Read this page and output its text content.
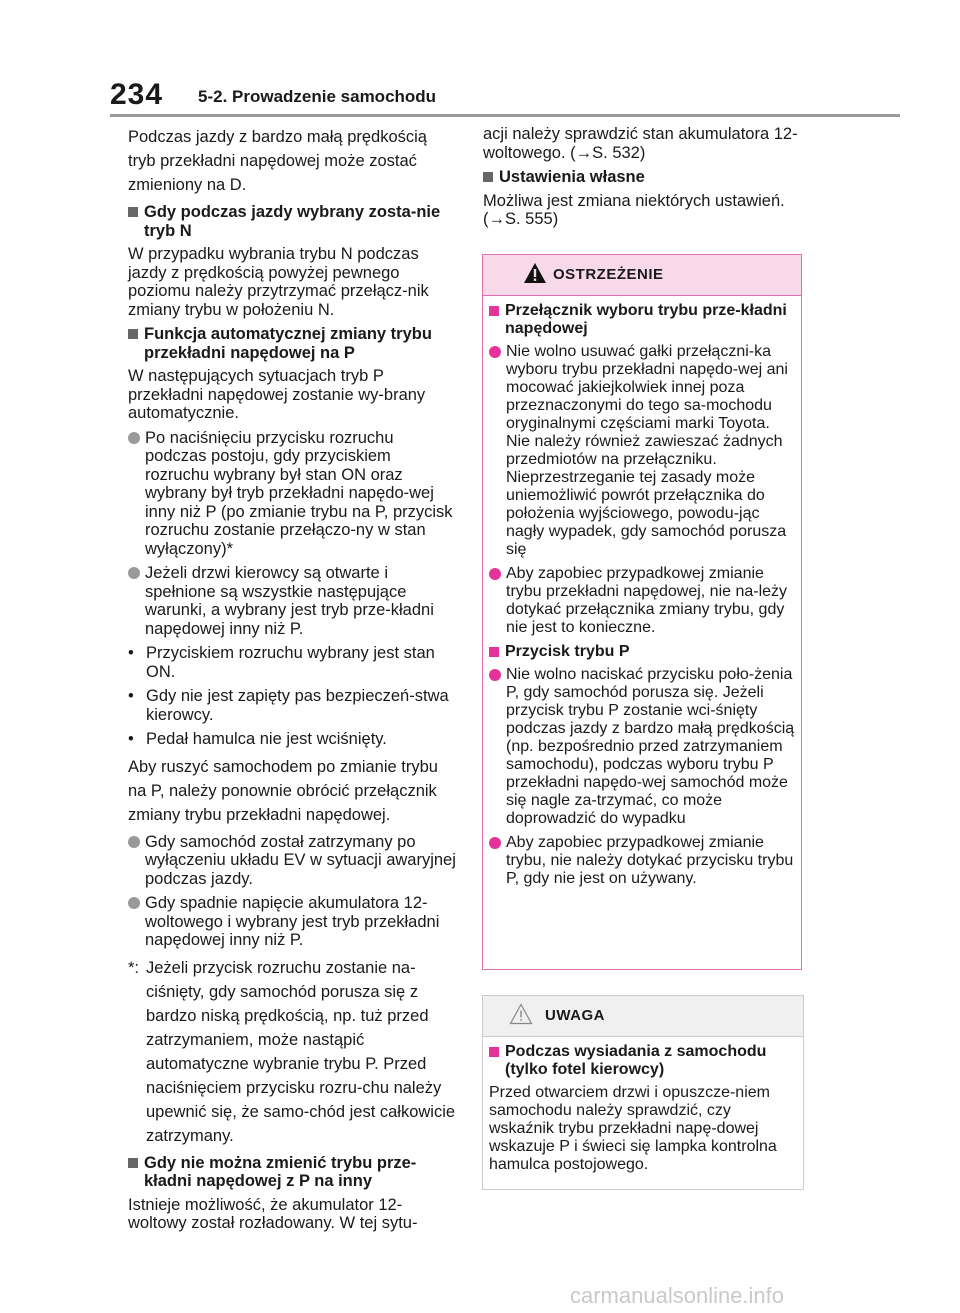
234 5-2. Prowadzenie samochodu

Podczas jazdy z bardzo małą prędkością tryb przekładni napędowej może zostać zmieniony na D.

Gdy podczas jazdy wybrany zosta-nie tryb N

W przypadku wybrania trybu N podczas jazdy z prędkością powyżej pewnego poziomu należy przytrzymać przełącz-nik zmiany trybu w położeniu N.

Funkcja automatycznej zmiany trybu przekładni napędowej na P

W następujących sytuacjach tryb P przekładni napędowej zostanie wy-brany automatycznie.

Po naciśnięciu przycisku rozruchu podczas postoju, gdy przyciskiem rozruchu wybrany był stan ON oraz wybrany był tryb przekładni napędo-wej inny niż P (po zmianie trybu na P, przycisk rozruchu zostanie przełączo-ny w stan wyłączony)*
Jeżeli drzwi kierowcy są otwarte i spełnione są wszystkie następujące warunki, a wybrany jest tryb prze-kładni napędowej inny niż P.
• Przyciskiem rozruchu wybrany jest stan ON.
• Gdy nie jest zapięty pas bezpieczeń-stwa kierowcy.
• Pedał hamulca nie jest wciśnięty.

Aby ruszyć samochodem po zmianie trybu na P, należy ponownie obrócić przełącznik zmiany trybu przekładni napędowej.

Gdy samochód został zatrzymany po wyłączeniu układu EV w sytuacji awaryjnej podczas jazdy.
Gdy spadnie napięcie akumulatora 12-woltowego i wybrany jest tryb przekładni napędowej inny niż P.
*: Jeżeli przycisk rozruchu zostanie na-ciśnięty, gdy samochód porusza się z bardzo niską prędkością, np. tuż przed zatrzymaniem, może nastąpić automatyczne wybranie trybu P. Przed naciśnięciem przycisku rozru-chu należy upewnić się, że samo-chód jest całkowicie zatrzymany.
Gdy nie można zmienić trybu prze-kładni napędowej z P na inny

Istnieje możliwość, że akumulator 12-woltowy został rozładowany. W tej sytu-

acji należy sprawdzić stan akumulatora 12-woltowego. (→S. 532)

Ustawienia własne

Możliwa jest zmiana niektórych ustawień.
(→S. 555)

OSTRZEŻENIE
Przełącznik wyboru trybu prze-kładni napędowej
Nie wolno usuwać gałki przełączni-ka wyboru trybu przekładni napędo-wej ani mocować jakiejkolwiek innej poza przeznaczonymi do tego sa-mochodu oryginalnymi częściami marki Toyota. Nie należy również zawieszać żadnych przedmiotów na przełączniku.
Nieprzestrzeganie tej zasady może uniemożliwić powrót przełącznika do położenia wyjściowego, powodu-jąc nagły wypadek, gdy samochód porusza się
Aby zapobiec przypadkowej zmianie trybu przekładni napędowej, nie na-leży dotykać przełącznika zmiany trybu, gdy nie jest to konieczne.
Przycisk trybu P
Nie wolno naciskać przycisku poło-żenia P, gdy samochód porusza się. Jeżeli przycisk trybu P zostanie wci-śnięty podczas jazdy z bardzo małą prędkością (np. bezpośrednio przed zatrzymaniem samochodu), podczas wyboru trybu P przekładni napędo-wej samochód może się nagle za-trzymać, co może doprowadzić do wypadku
Aby zapobiec przypadkowej zmianie trybu, nie należy dotykać przycisku trybu P, gdy nie jest on używany.
UWAGA
Podczas wysiadania z samochodu (tylko fotel kierowcy)

Przed otwarciem drzwi i opuszcze-niem samochodu należy sprawdzić, czy wskaźnik trybu przekładni napę-dowej wskazuje P i świeci się lampka kontrolna hamulca postojowego.

carmanualsonline.info
